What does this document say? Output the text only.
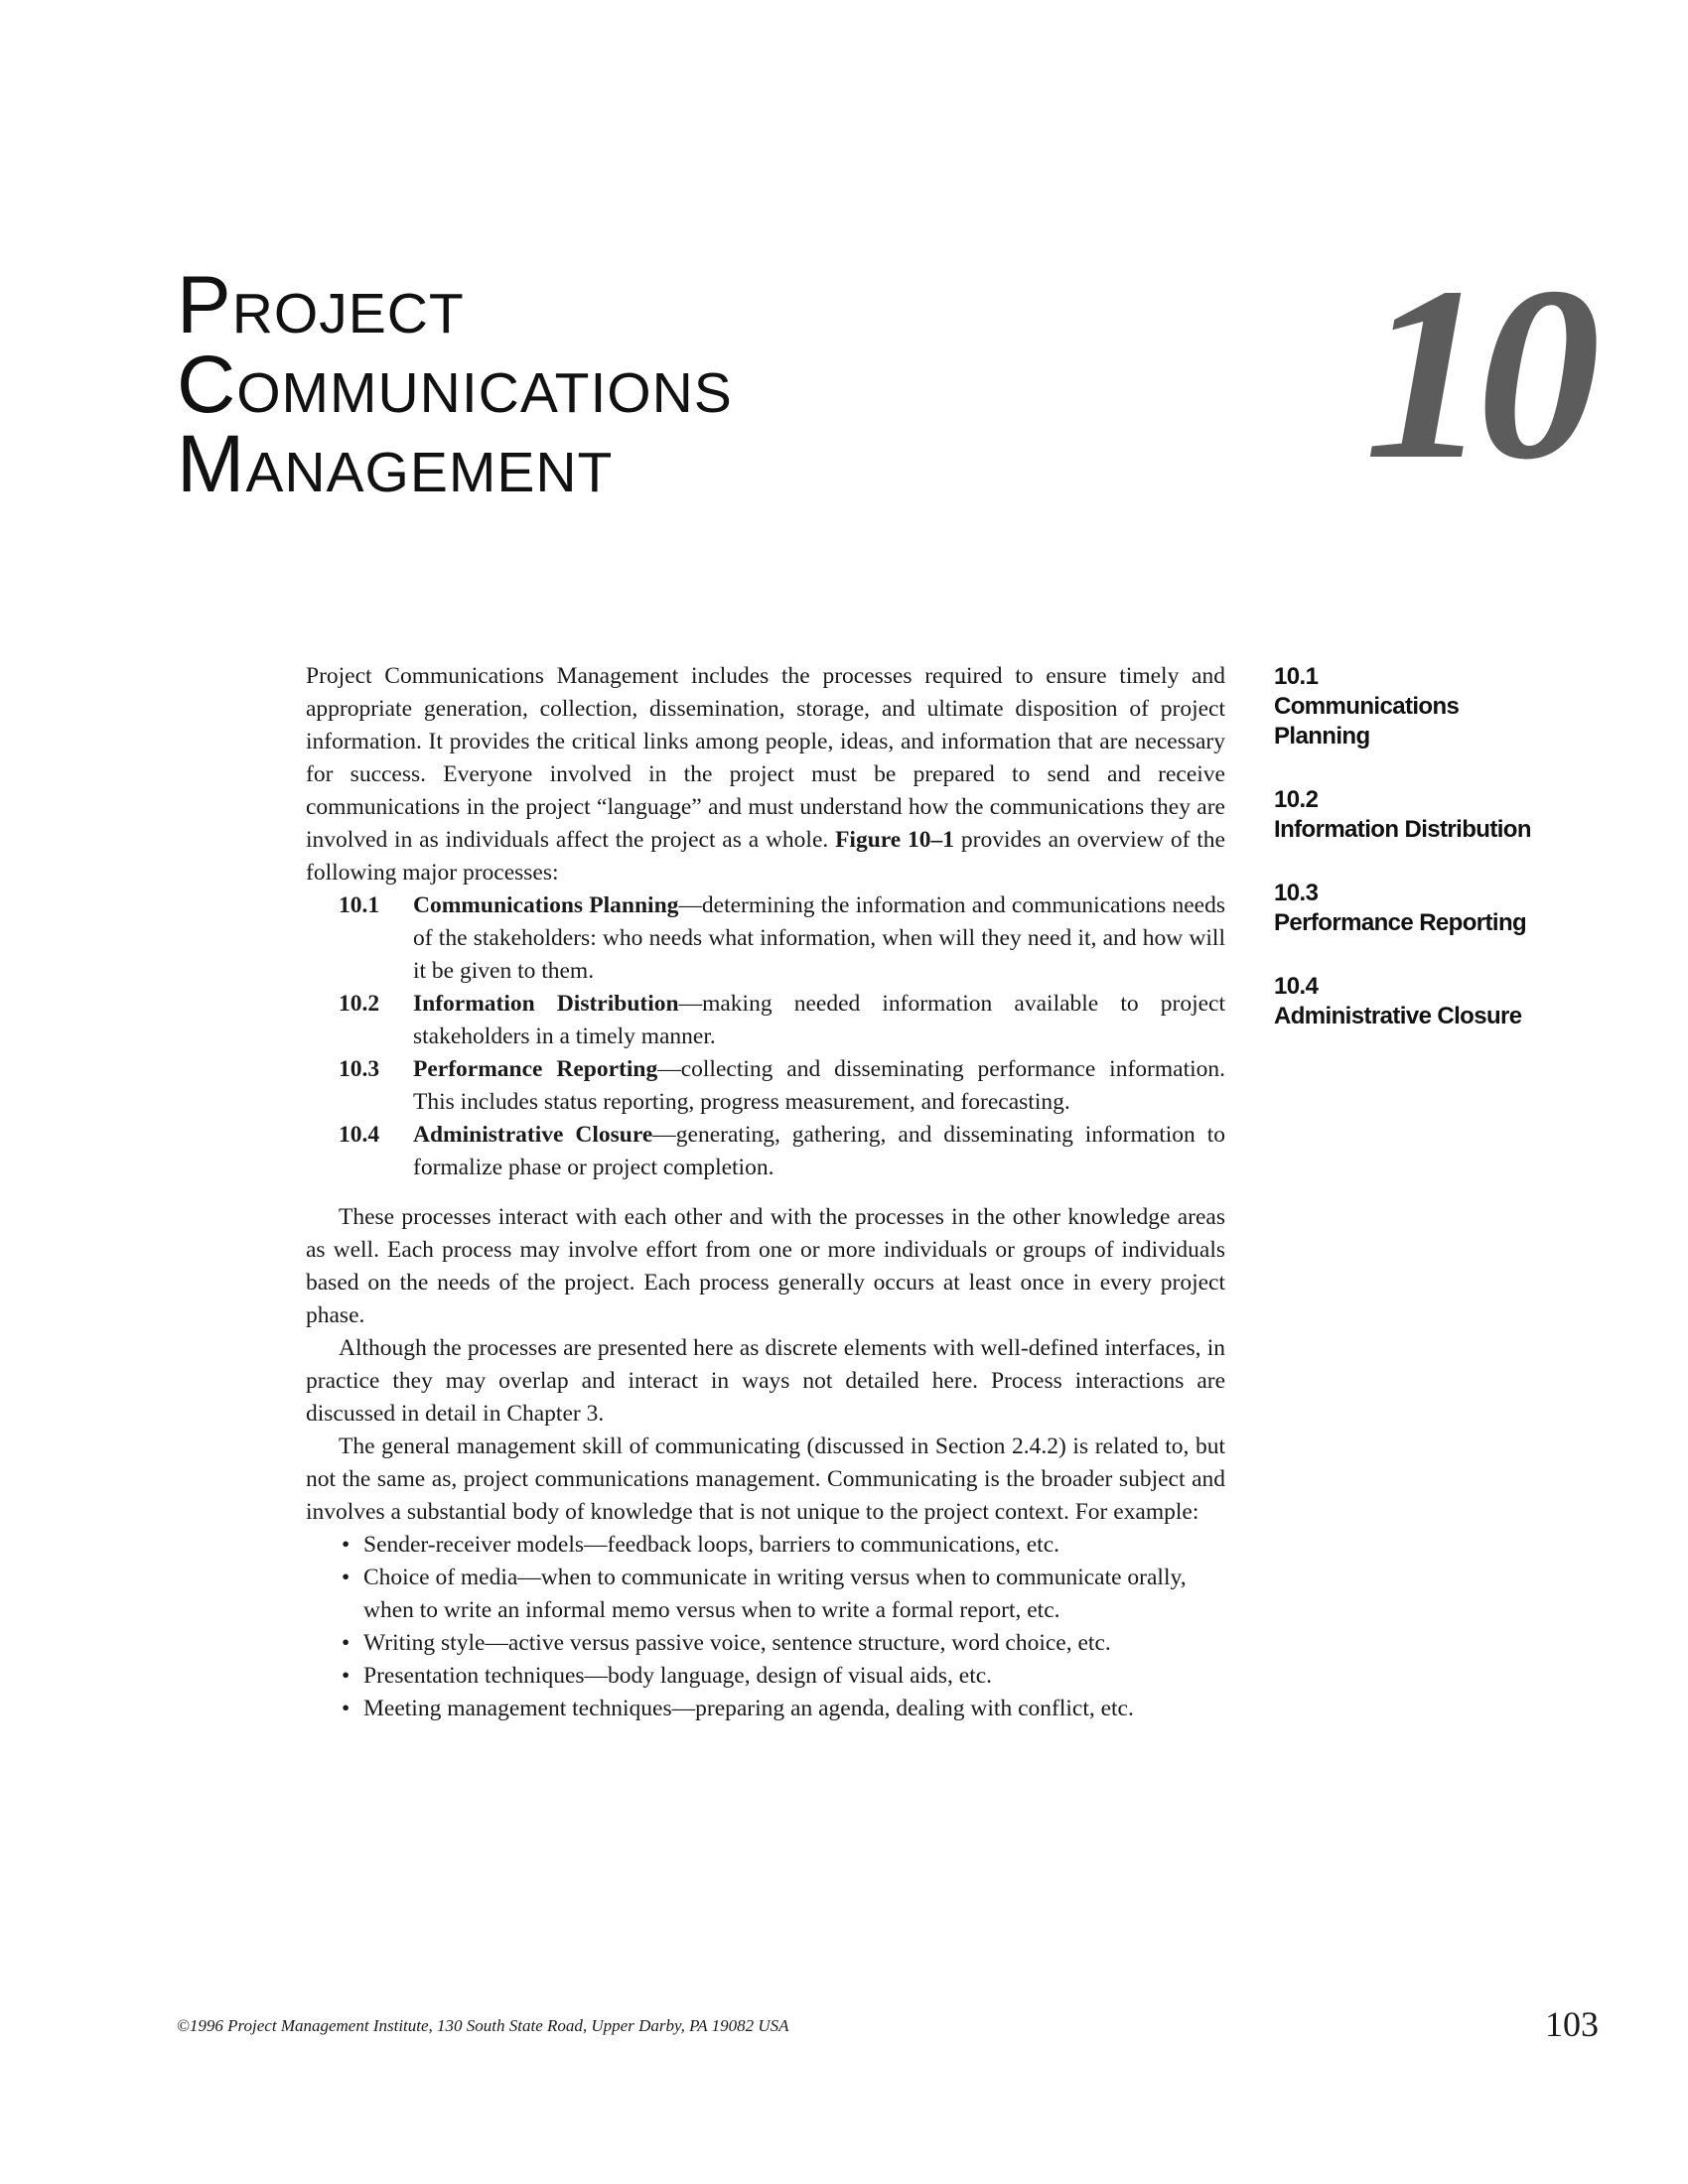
PROJECT
COMMUNICATIONS
MANAGEMENT	10

Project Communications Management includes the processes required to ensure timely and appropriate generation, collection, dissemination, storage, and ultimate disposition of project information. It provides the critical links among people, ideas, and information that are necessary for success. Everyone involved in the project must be prepared to send and receive communications in the project “language” and must understand how the communications they are involved in as individuals affect the project as a whole. Figure 10–1 provides an overview of the following major processes:

10.1 Communications Planning—determining the information and communications needs of the stakeholders: who needs what information, when will they need it, and how will it be given to them.
10.2 Information Distribution—making needed information available to project stakeholders in a timely manner.
10.3 Performance Reporting—collecting and disseminating performance information. This includes status reporting, progress measurement, and forecasting.
10.4 Administrative Closure—generating, gathering, and disseminating information to formalize phase or project completion.

These processes interact with each other and with the processes in the other knowledge areas as well. Each process may involve effort from one or more individuals or groups of individuals based on the needs of the project. Each process generally occurs at least once in every project phase.

Although the processes are presented here as discrete elements with well-defined interfaces, in practice they may overlap and interact in ways not detailed here. Process interactions are discussed in detail in Chapter 3.

The general management skill of communicating (discussed in Section 2.4.2) is related to, but not the same as, project communications management. Communicating is the broader subject and involves a substantial body of knowledge that is not unique to the project context. For example:

• Sender-receiver models—feedback loops, barriers to communications, etc.
• Choice of media—when to communicate in writing versus when to communicate orally, when to write an informal memo versus when to write a formal report, etc.
• Writing style—active versus passive voice, sentence structure, word choice, etc.
• Presentation techniques—body language, design of visual aids, etc.
• Meeting management techniques—preparing an agenda, dealing with conflict, etc.
10.1
Communications
Planning
10.2
Information Distribution
10.3
Performance Reporting
10.4
Administrative Closure
©1996 Project Management Institute, 130 South State Road, Upper Darby, PA 19082 USA	103
